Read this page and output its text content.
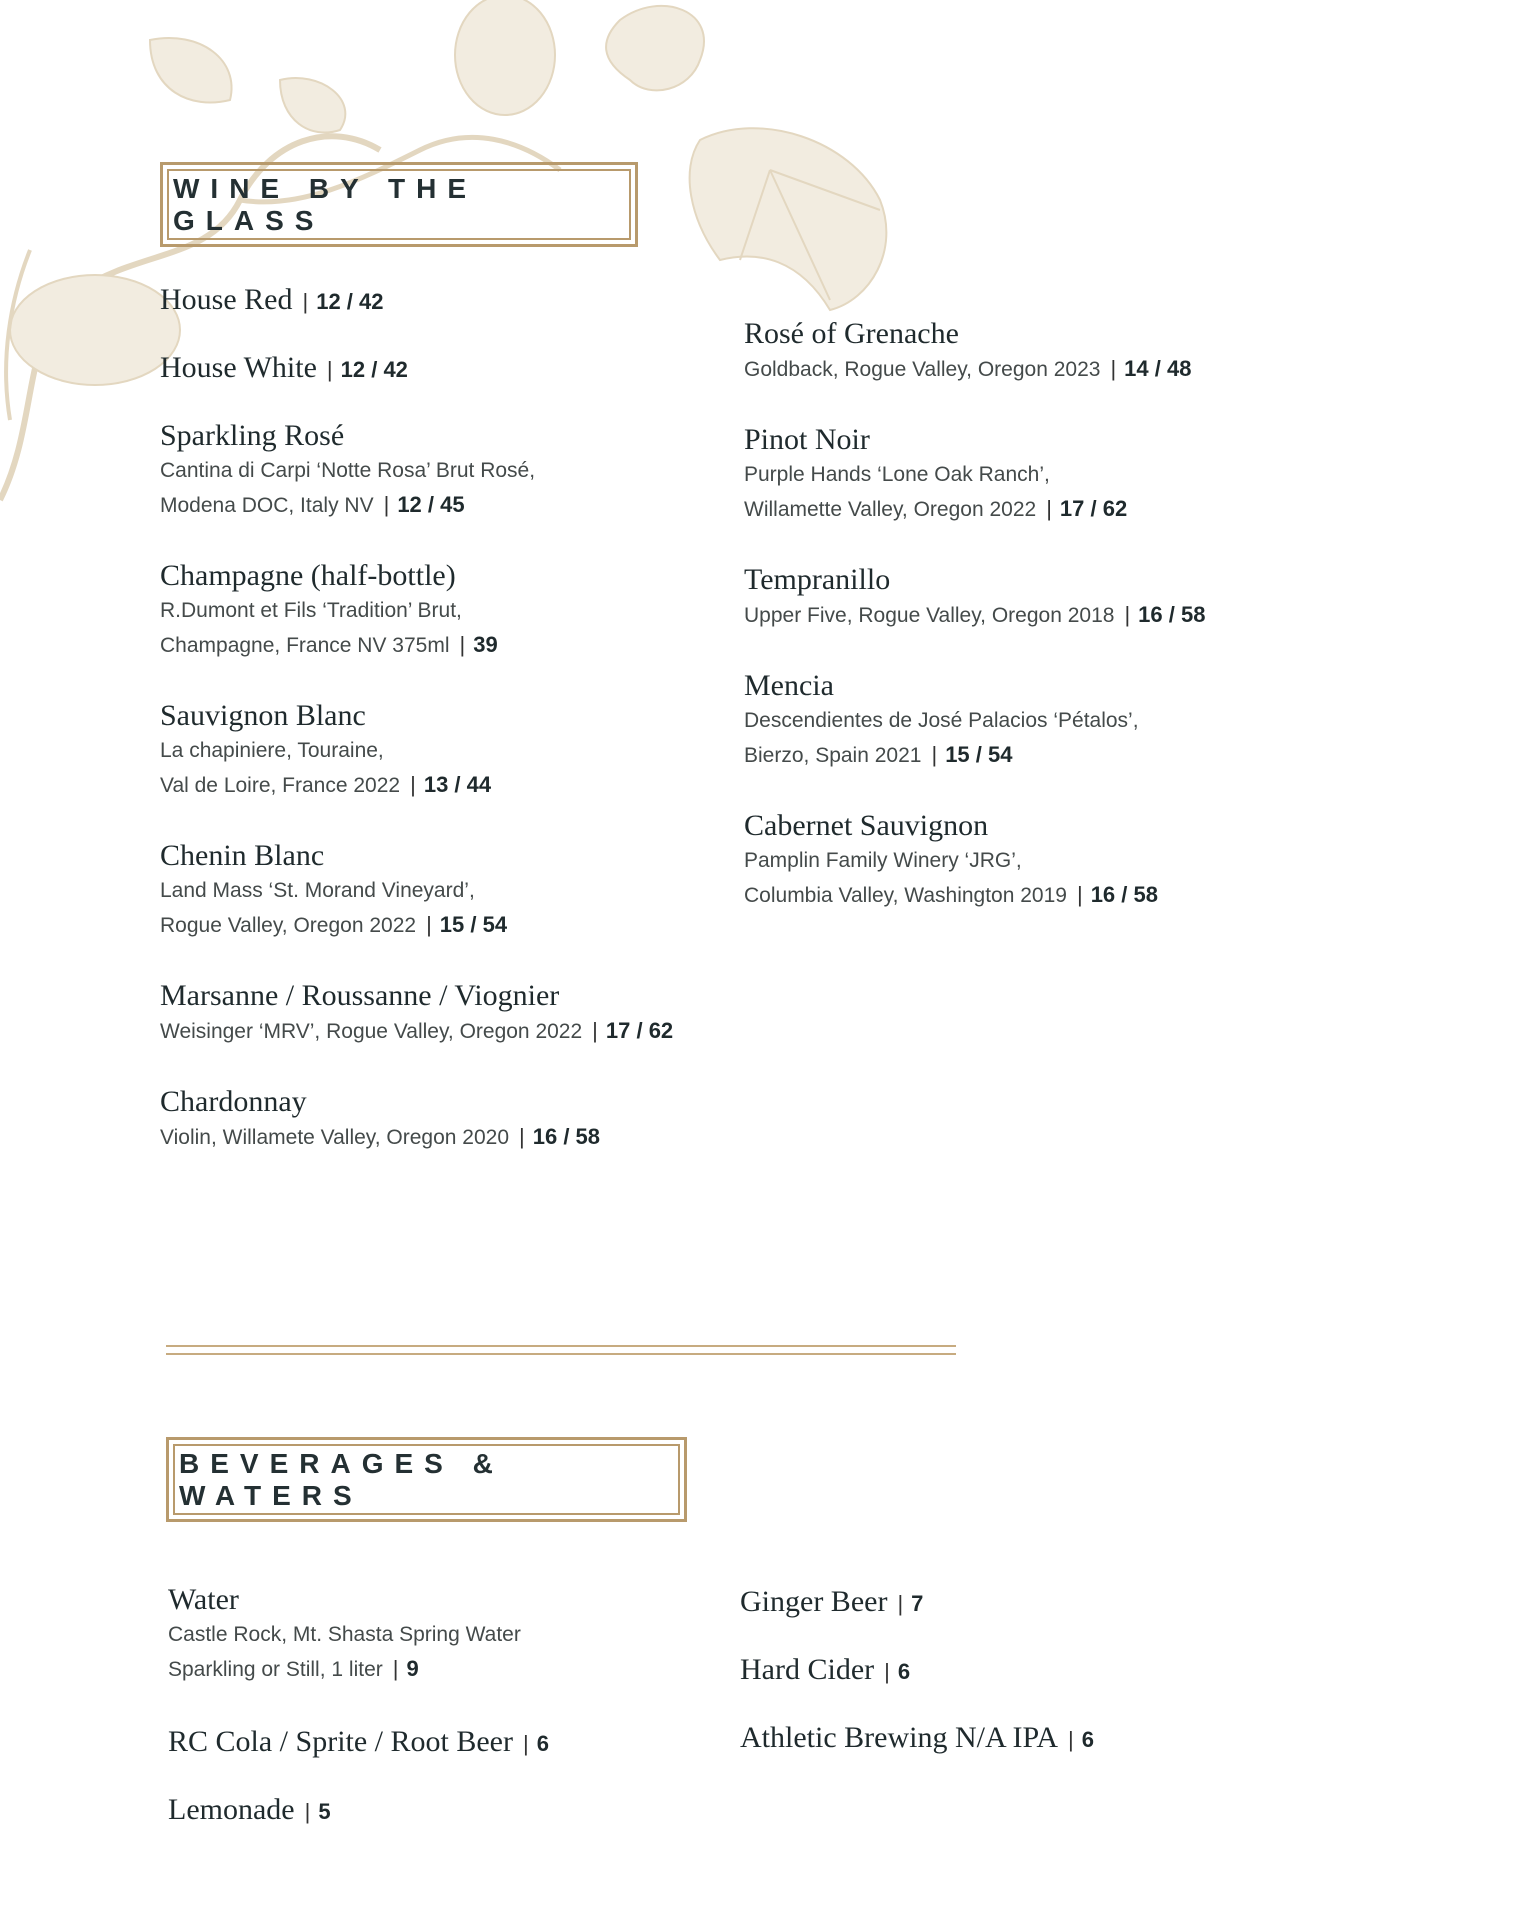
WINE BY THE GLASS
House Red | 12 / 42
House White | 12 / 42
Sparkling Rosé
Cantina di Carpi ‘Notte Rosa’ Brut Rosé,
Modena DOC, Italy NV | 12 / 45
Champagne (half-bottle)
R.Dumont et Fils ‘Tradition’ Brut,
Champagne, France NV 375ml | 39
Sauvignon Blanc
La chapiniere, Touraine,
Val de Loire, France 2022 | 13 / 44
Chenin Blanc
Land Mass ‘St. Morand Vineyard’,
Rogue Valley, Oregon 2022 | 15 / 54
Marsanne / Roussanne / Viognier
Weisinger ‘MRV’, Rogue Valley, Oregon 2022 | 17 / 62
Chardonnay
Violin, Willamete Valley, Oregon 2020 | 16 / 58
Rosé of Grenache
Goldback, Rogue Valley, Oregon 2023 | 14 / 48
Pinot Noir
Purple Hands ‘Lone Oak Ranch’,
Willamette Valley, Oregon 2022 | 17 / 62
Tempranillo
Upper Five, Rogue Valley, Oregon 2018 | 16 / 58
Mencia
Descendientes de José Palacios ‘Pétalos’,
Bierzo, Spain 2021 | 15 / 54
Cabernet Sauvignon
Pamplin Family Winery ‘JRG’,
Columbia Valley, Washington 2019 | 16 / 58
BEVERAGES & WATERS
Water
Castle Rock, Mt. Shasta Spring Water
Sparkling or Still, 1 liter | 9
RC Cola / Sprite / Root Beer | 6
Lemonade | 5
Ginger Beer | 7
Hard Cider | 6
Athletic Brewing N/A IPA | 6
